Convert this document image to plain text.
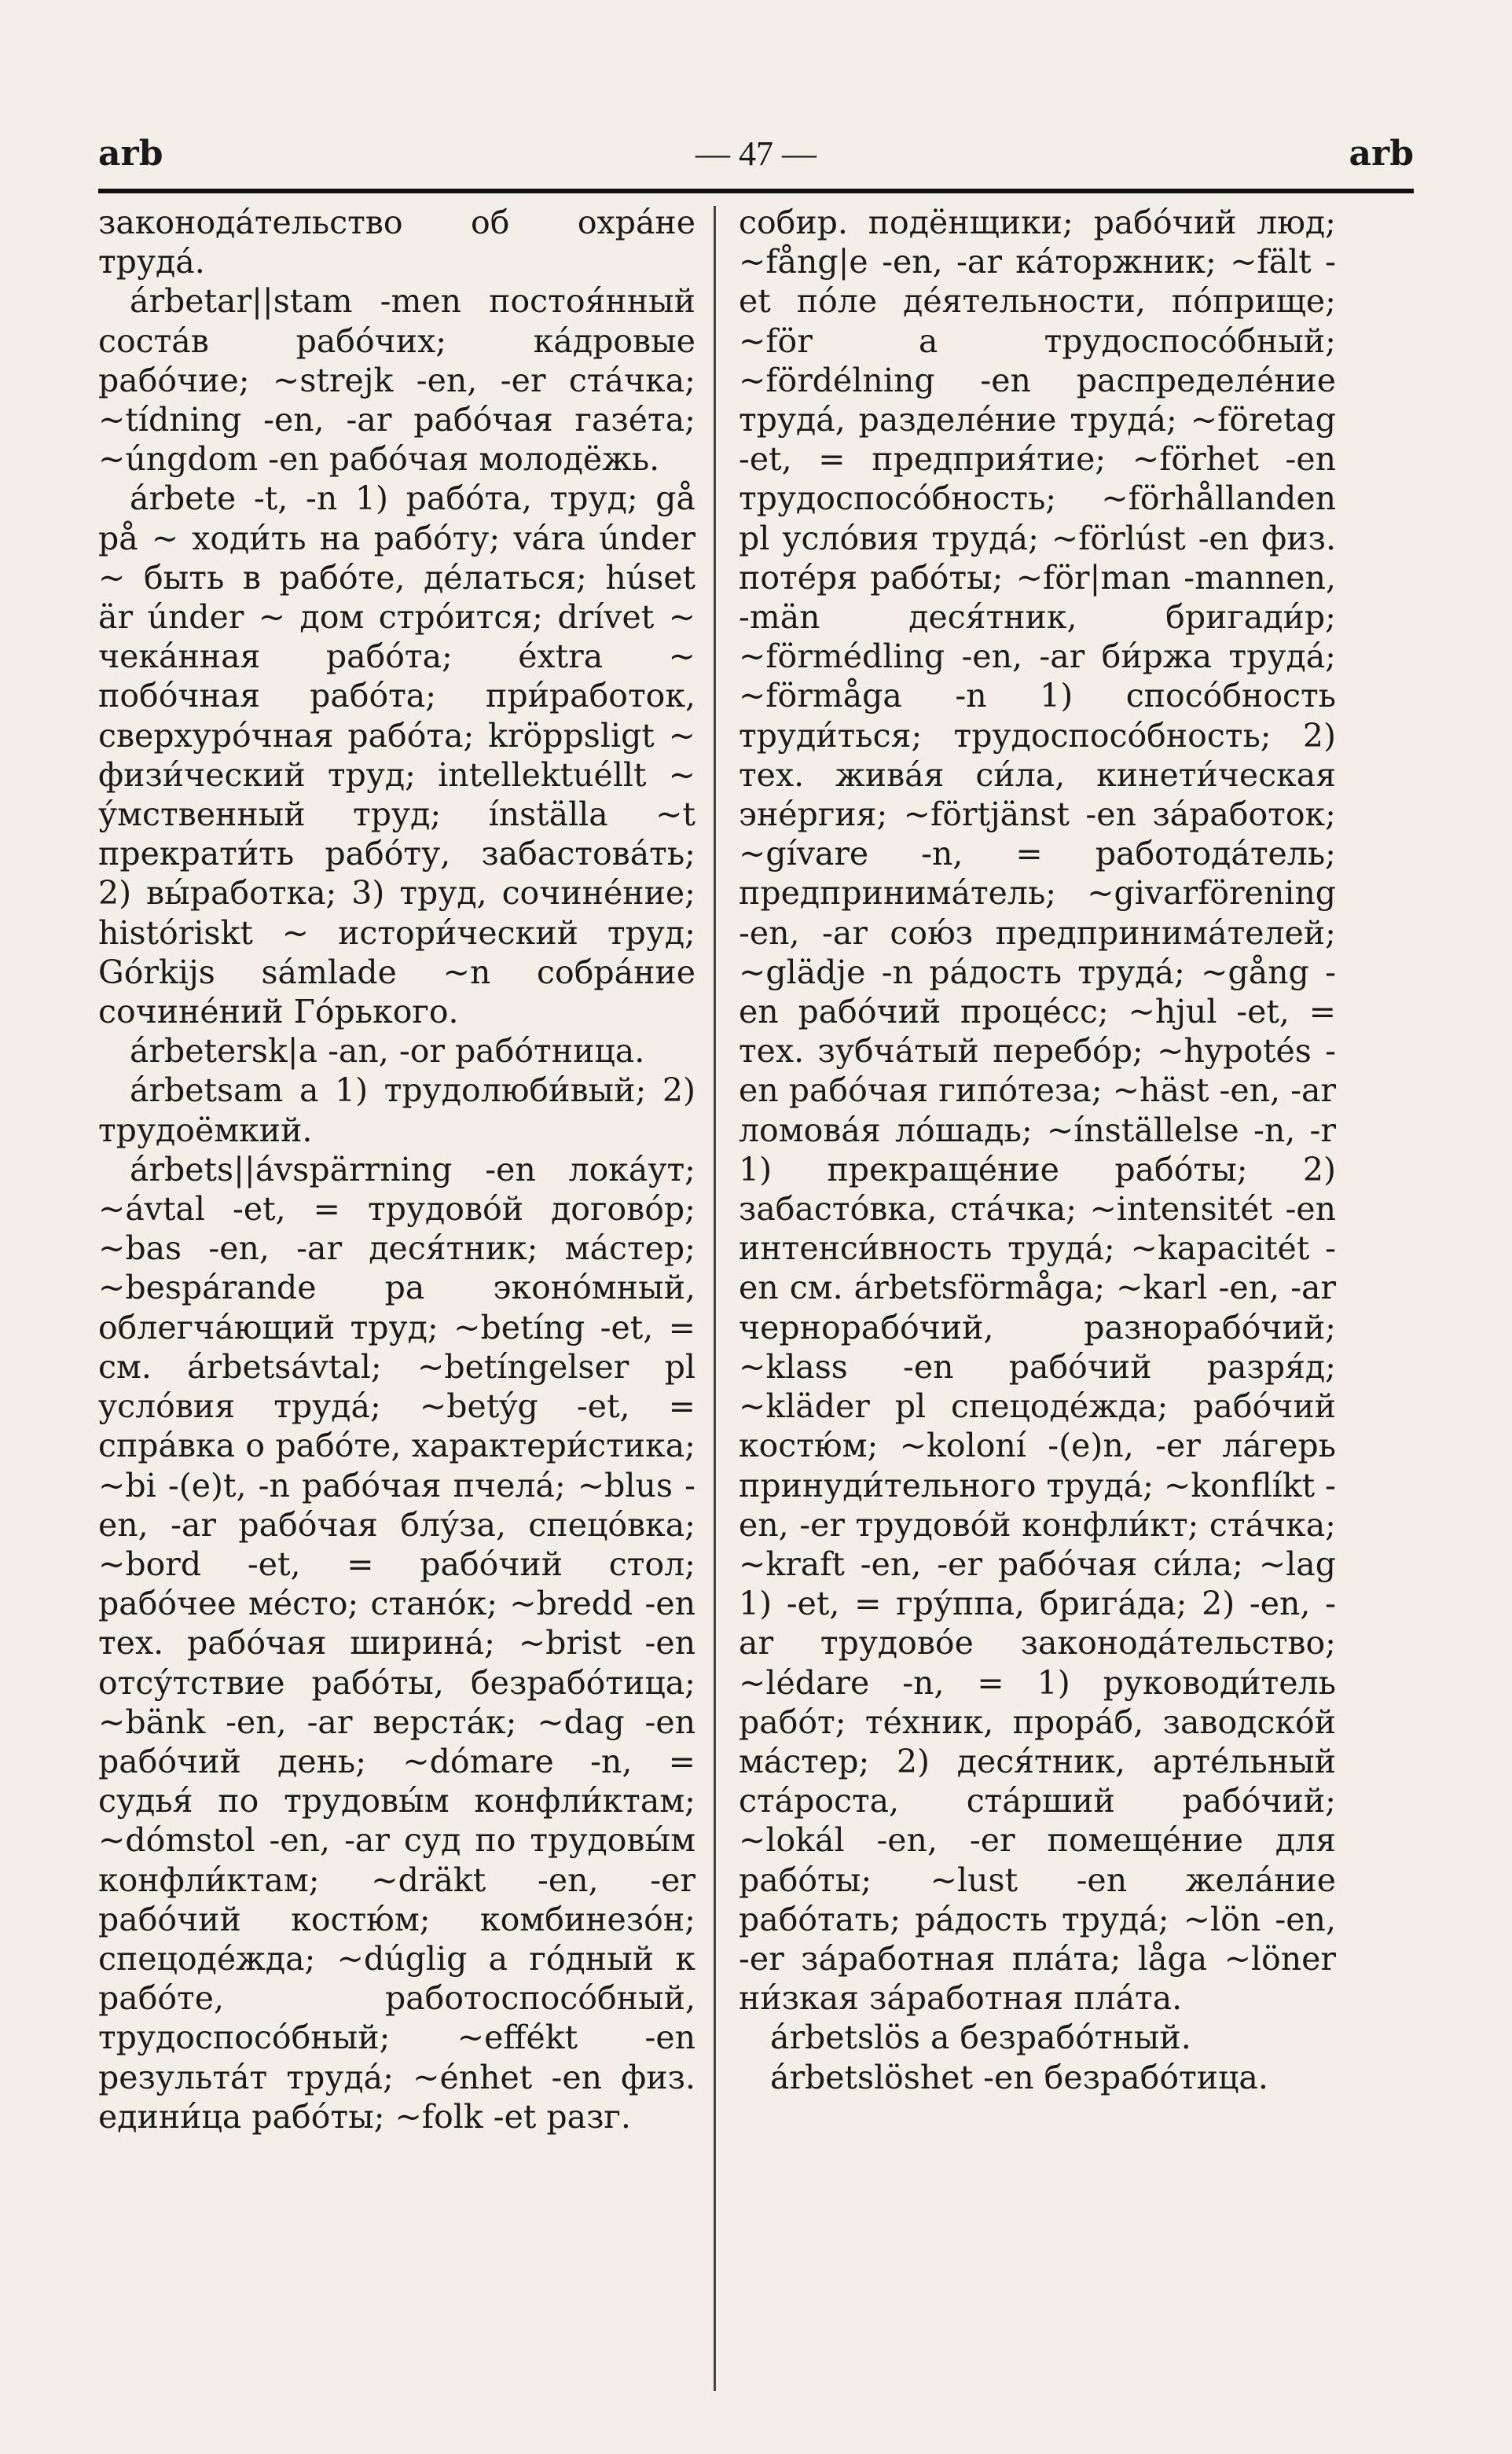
arb	— 47 —	arb

законода́тельство об охра́не труда́.

árbetar||stam -men постоя́нный соста́в рабо́чих; ка́дровые рабо́чие; ~strejk -en, -er ста́чка; ~tídning -en, -ar рабо́чая газе́та; ~úngdom -en рабо́чая молодёжь.

árbete -t, -n 1) рабо́та, труд; gå på ~ ходи́ть на рабо́ту; vára únder ~ быть в рабо́те, де́латься; húset är únder ~ дом стро́ится; drívet ~ чека́нная рабо́та; éxtra ~ побо́чная рабо́та; при́работок, сверхуро́чная рабо́та; kröppsligt ~ физи́ческий труд; intellektuéllt ~ у́мственный труд; ínställa ~t прекрати́ть рабо́ту, забастова́ть; 2) вы́работка; 3) труд, сочине́ние; históriskt ~ истори́ческий труд; Górkijs sámlade ~n собра́ние сочине́ний Го́рького.

árbetersk|a -an, -or рабо́тница.

árbetsam a 1) трудолюби́вый; 2) трудоёмкий.

árbets||ávspärrning -en лока́ут; ~ávtal -et, = трудово́й догово́р; ~bas -en, -ar деся́тник; ма́стер; ~bespárande pa эконо́мный, облегча́ющий труд; ~betíng -et, = см. árbetsávtal; ~betíngelser pl усло́вия труда́; ~betýg -et, = спра́вка о рабо́те, характери́стика; ~bi -(e)t, -n рабо́чая пчела́; ~blus -en, -ar рабо́чая блу́за, спецо́вка; ~bord -et, = рабо́чий стол; рабо́чее ме́сто; стано́к; ~bredd -en тех. рабо́чая ширина́; ~brist -en отсу́тствие рабо́ты, безрабо́тица; ~bänk -en, -ar верста́к; ~dag -en рабо́чий день; ~dómare -n, = судья́ по трудовы́м конфли́ктам; ~dómstol -en, -ar суд по трудовы́м конфли́ктам; ~dräkt -en, -er рабо́чий костю́м; комбинезо́н; спецоде́жда; ~dúglig a го́дный к рабо́те, работоспосо́бный, трудоспосо́бный; ~effékt -en результа́т труда́; ~énhet -en физ. едини́ца рабо́ты; ~folk -et разг.

собир. подёнщики; рабо́чий люд; ~fång|e -en, -ar ка́торжник; ~fält -et по́ле де́ятельности, по́прище; ~för a трудоспосо́бный; ~fördélning -en распределе́ние труда́, разделе́ние труда́; ~företag -et, = предприя́тие; ~förhet -en трудоспосо́бность; ~förhållanden pl усло́вия труда́; ~förlúst -en физ. поте́ря рабо́ты; ~för|man -mannen, -män деся́тник, бригади́р; ~förmédling -en, -ar би́ржа труда́; ~förmåga -n 1) спосо́бность труди́ться; трудоспосо́бность; 2) тех. жива́я си́ла, кинети́ческая эне́ргия; ~förtjänst -en за́работок; ~gívare -n, = работода́тель; предпринима́тель; ~givarförening -en, -ar сою́з предпринима́телей; ~glädje -n ра́дость труда́; ~gång -en рабо́чий проце́сс; ~hjul -et, = тех. зубча́тый перебо́р; ~hypotés -en рабо́чая гипо́теза; ~häst -en, -ar ломова́я ло́шадь; ~ínställelse -n, -r 1) прекраще́ние рабо́ты; 2) забасто́вка, ста́чка; ~intensitét -en интенси́вность труда́; ~kapacitét -en см. árbetsförmåga; ~karl -en, -ar чернорабо́чий, разнорабо́чий; ~klass -en рабо́чий разря́д; ~kläder pl спецоде́жда; рабо́чий костю́м; ~koloní -(e)n, -er ла́герь принуди́тельного труда́; ~konflíkt -en, -er трудово́й конфли́кт; ста́чка; ~kraft -en, -er рабо́чая си́ла; ~lag 1) -et, = гру́ппа, брига́да; 2) -en, -ar трудово́е законода́тельство; ~lédare -n, = 1) руководи́тель рабо́т; те́хник, прора́б, заводско́й ма́стер; 2) деся́тник, арте́льный ста́роста, ста́рший рабо́чий; ~lokál -en, -er помеще́ние для рабо́ты; ~lust -en жела́ние рабо́тать; ра́дость труда́; ~lön -en, -er за́работная пла́та; låga ~löner ни́зкая за́работная пла́та.

árbetslös a безрабо́тный.

árbetslöshet -en безрабо́тица.
